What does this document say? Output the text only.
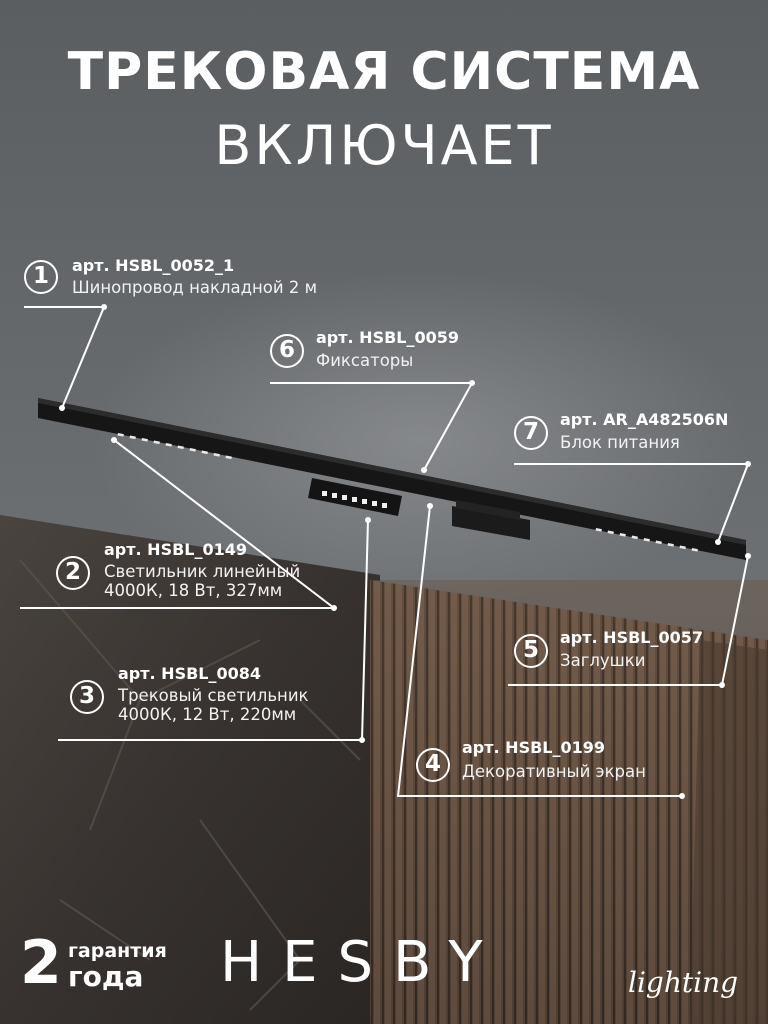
ТРЕКОВАЯ СИСТЕМА
ВКЛЮЧАЕТ
1	арт. HSBL_0052_1
Шинопровод накладной 2 м
6	арт. HSBL_0059
Фиксаторы
7	арт. AR_A482506N
Блок питания
2
арт. HSBL_0149
Светильник линейный
4000К, 18 Вт, 327мм
5	арт. HSBL_0057
Заглушки
3
арт. HSBL_0084
Трековый светильник
4000К, 12 Вт, 220мм
4
арт. HSBL_0199
Декоративный экран
2 гарантия
года HESBY	lighting
